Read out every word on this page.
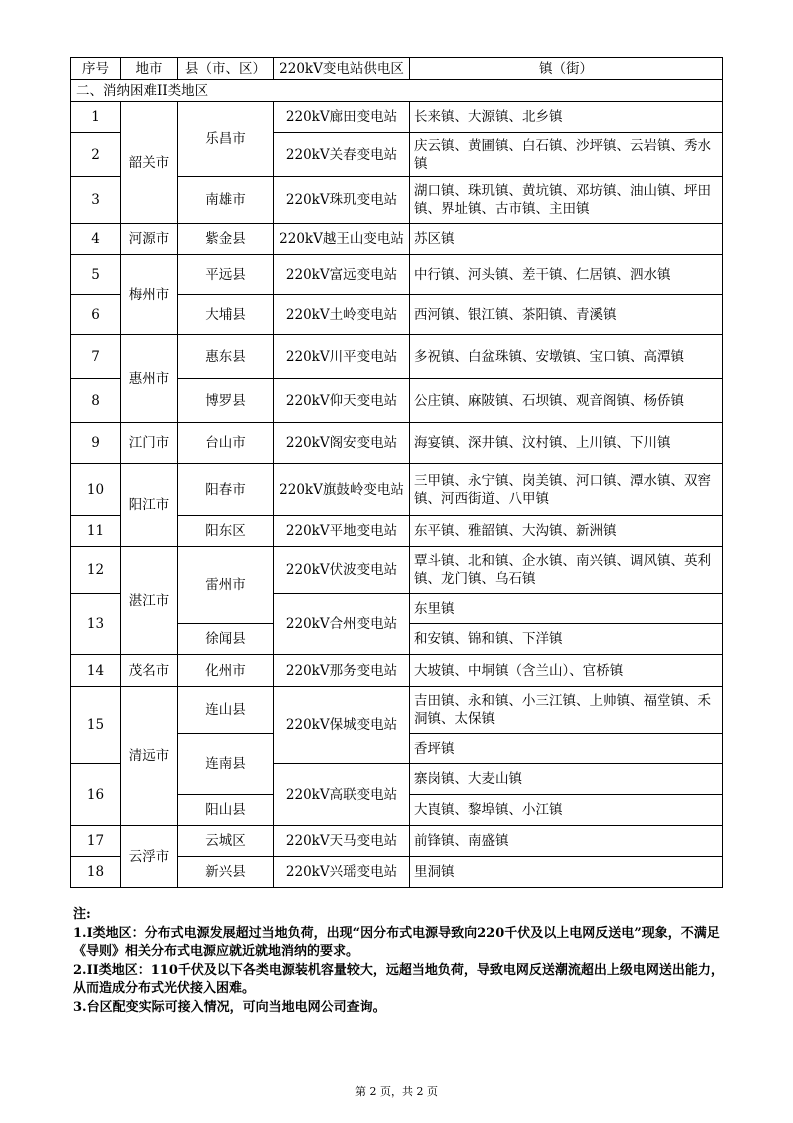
序号	地市	县（市、区）	220kV变电站供电区	镇（街）
二、消纳困难II类地区				
1	韶关市	乐昌市	220kV廊田变电站	长来镇、大源镇、北乡镇
2			220kV关春变电站	庆云镇、黄圃镇、白石镇、沙坪镇、云岩镇、秀水镇
3		南雄市	220kV珠玑变电站	湖口镇、珠玑镇、黄坑镇、邓坊镇、油山镇、坪田镇、界址镇、古市镇、主田镇
4	河源市	紫金县	220kV越王山变电站	苏区镇
5	梅州市	平远县	220kV富远变电站	中行镇、河头镇、差干镇、仁居镇、泗水镇
6		大埔县	220kV土岭变电站	西河镇、银江镇、茶阳镇、青溪镇
7	惠州市	惠东县	220kV川平变电站	多祝镇、白盆珠镇、安墩镇、宝口镇、高潭镇
8		博罗县	220kV仰天变电站	公庄镇、麻陂镇、石坝镇、观音阁镇、杨侨镇
9	江门市	台山市	220kV阁安变电站	海宴镇、深井镇、汶村镇、上川镇、下川镇
10	阳江市	阳春市	220kV旗鼓岭变电站	三甲镇、永宁镇、岗美镇、河口镇、潭水镇、双窖镇、河西街道、八甲镇
11		阳东区	220kV平地变电站	东平镇、雅韶镇、大沟镇、新洲镇
12	湛江市	雷州市	220kV伏波变电站	覃斗镇、北和镇、企水镇、南兴镇、调风镇、英利镇、龙门镇、乌石镇
13			220kV合州变电站	东里镇
		徐闻县		和安镇、锦和镇、下洋镇
14	茂名市	化州市	220kV那务变电站	大坡镇、中垌镇（含兰山）、官桥镇
15	清远市	连山县	220kV保城变电站	吉田镇、永和镇、小三江镇、上帅镇、福堂镇、禾洞镇、太保镇
		连南县		香坪镇
16			220kV高联变电站	寨岗镇、大麦山镇
		阳山县		大崀镇、黎埠镇、小江镇
17	云浮市	云城区	220kV天马变电站	前锋镇、南盛镇
18		新兴县	220kV兴瑶变电站	里洞镇

注:

1.I类地区：分布式电源发展超过当地负荷，出现“因分布式电源导致向220千伏及以上电网反送电”现象，不满足《导则》相关分布式电源应就近就地消纳的要求。

2.II类地区：110千伏及以下各类电源装机容量较大，远超当地负荷，导致电网反送潮流超出上级电网送出能力，从而造成分布式光伏接入困难。

3.台区配变实际可接入情况，可向当地电网公司查询。

第 2 页，共 2 页
